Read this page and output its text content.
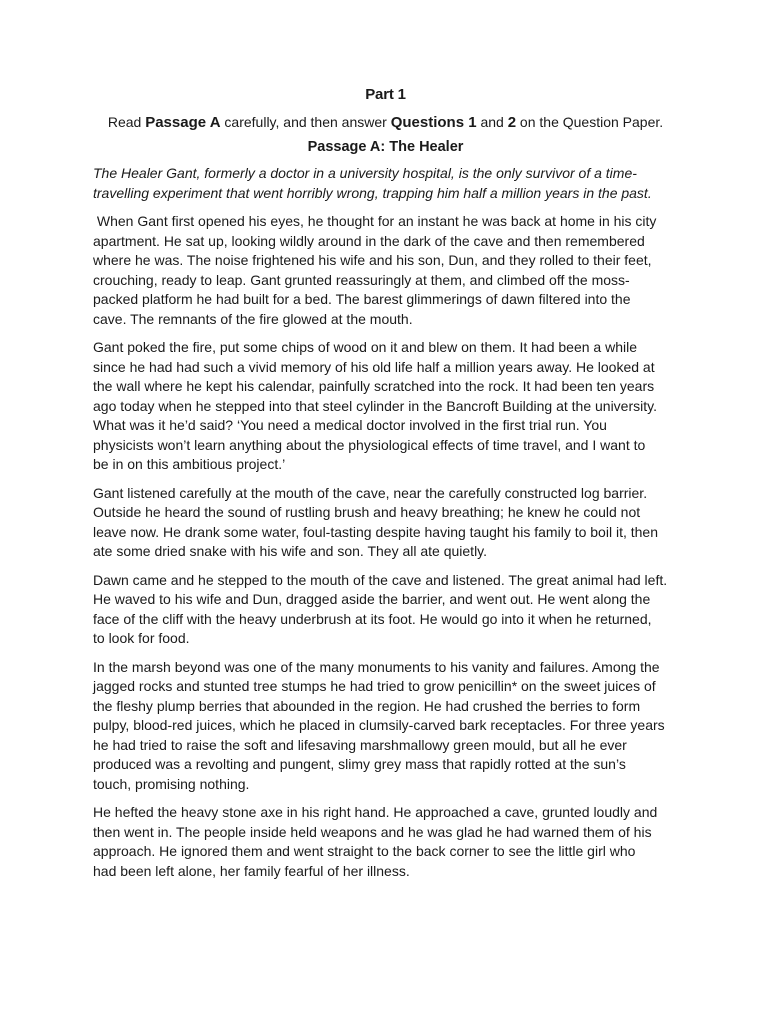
Part 1
Read Passage A carefully, and then answer Questions 1 and 2 on the Question Paper.
Passage A: The Healer
The Healer Gant, formerly a doctor in a university hospital, is the only survivor of a time-
travelling experiment that went horribly wrong, trapping him half a million years in the past.
When Gant first opened his eyes, he thought for an instant he was back at home in his city
apartment. He sat up, looking wildly around in the dark of the cave and then remembered
where he was. The noise frightened his wife and his son, Dun, and they rolled to their feet,
crouching, ready to leap. Gant grunted reassuringly at them, and climbed off the moss-
packed platform he had built for a bed. The barest glimmerings of dawn filtered into the
cave. The remnants of the fire glowed at the mouth.
Gant poked the fire, put some chips of wood on it and blew on them. It had been a while
since he had had such a vivid memory of his old life half a million years away. He looked at
the wall where he kept his calendar, painfully scratched into the rock. It had been ten years
ago today when he stepped into that steel cylinder in the Bancroft Building at the university.
What was it he’d said? ‘You need a medical doctor involved in the first trial run. You
physicists won’t learn anything about the physiological effects of time travel, and I want to
be in on this ambitious project.’
Gant listened carefully at the mouth of the cave, near the carefully constructed log barrier.
Outside he heard the sound of rustling brush and heavy breathing; he knew he could not
leave now. He drank some water, foul-tasting despite having taught his family to boil it, then
ate some dried snake with his wife and son. They all ate quietly.
Dawn came and he stepped to the mouth of the cave and listened. The great animal had left.
He waved to his wife and Dun, dragged aside the barrier, and went out. He went along the
face of the cliff with the heavy underbrush at its foot. He would go into it when he returned,
to look for food.
In the marsh beyond was one of the many monuments to his vanity and failures. Among the
jagged rocks and stunted tree stumps he had tried to grow penicillin* on the sweet juices of
the fleshy plump berries that abounded in the region. He had crushed the berries to form
pulpy, blood-red juices, which he placed in clumsily-carved bark receptacles. For three years
he had tried to raise the soft and lifesaving marshmallowy green mould, but all he ever
produced was a revolting and pungent, slimy grey mass that rapidly rotted at the sun’s
touch, promising nothing.
He hefted the heavy stone axe in his right hand. He approached a cave, grunted loudly and
then went in. The people inside held weapons and he was glad he had warned them of his
approach. He ignored them and went straight to the back corner to see the little girl who
had been left alone, her family fearful of her illness.
